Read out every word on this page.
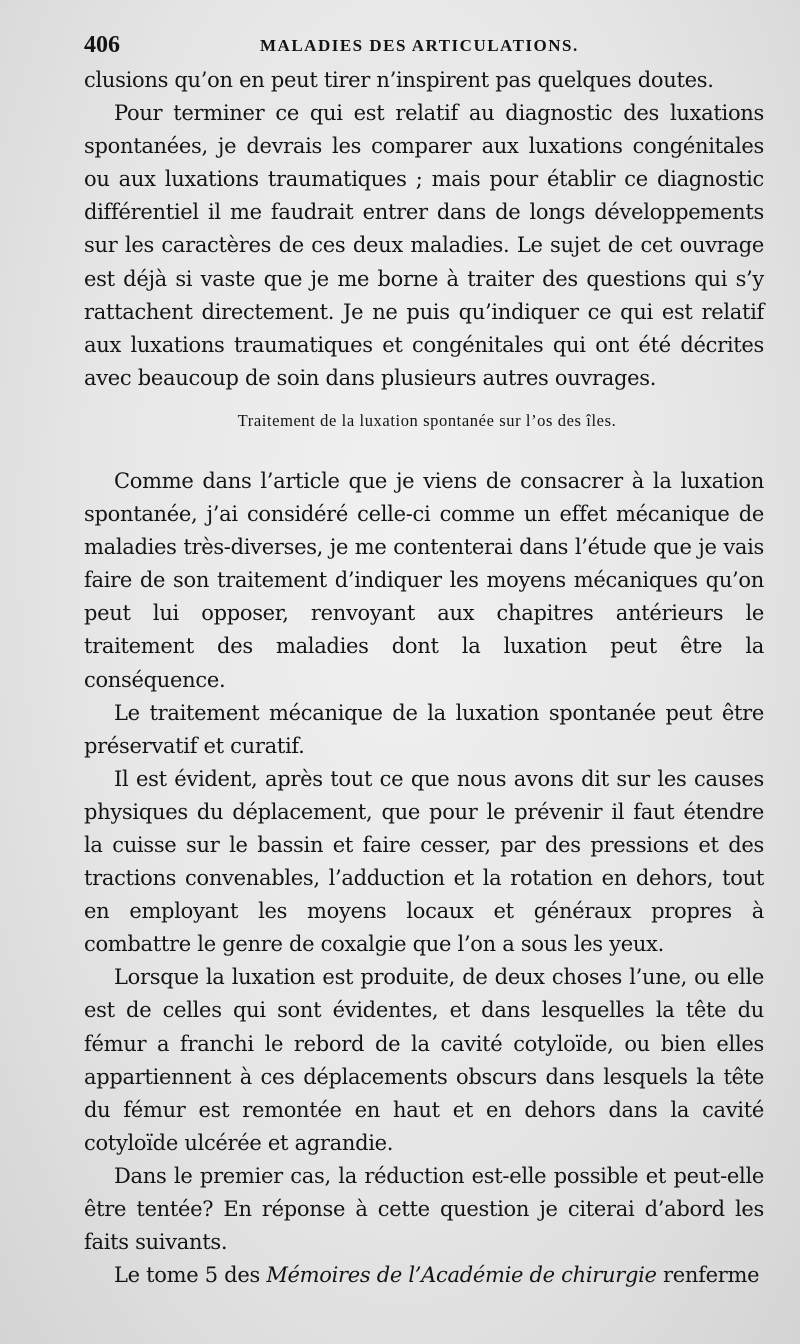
406	MALADIES DES ARTICULATIONS.

clusions qu’on en peut tirer n’inspirent pas quelques doutes.

Pour terminer ce qui est relatif au diagnostic des luxations spontanées, je devrais les comparer aux luxations congénitales ou aux luxations traumatiques ; mais pour établir ce diagnostic différentiel il me faudrait entrer dans de longs développements sur les caractères de ces deux maladies. Le sujet de cet ouvrage est déjà si vaste que je me borne à traiter des questions qui s’y rattachent directement. Je ne puis qu’indiquer ce qui est relatif aux luxations traumatiques et congénitales qui ont été décrites avec beaucoup de soin dans plusieurs autres ouvrages.

Traitement de la luxation spontanée sur l’os des îles.

Comme dans l’article que je viens de consacrer à la luxation spontanée, j’ai considéré celle-ci comme un effet mécanique de maladies très-diverses, je me contenterai dans l’étude que je vais faire de son traitement d’indiquer les moyens mécaniques qu’on peut lui opposer, renvoyant aux chapitres antérieurs le traitement des maladies dont la luxation peut être la conséquence.

Le traitement mécanique de la luxation spontanée peut être préservatif et curatif.

Il est évident, après tout ce que nous avons dit sur les causes physiques du déplacement, que pour le prévenir il faut étendre la cuisse sur le bassin et faire cesser, par des pressions et des tractions convenables, l’adduction et la rotation en dehors, tout en employant les moyens locaux et généraux propres à combattre le genre de coxalgie que l’on a sous les yeux.

Lorsque la luxation est produite, de deux choses l’une, ou elle est de celles qui sont évidentes, et dans lesquelles la tête du fémur a franchi le rebord de la cavité cotyloïde, ou bien elles appartiennent à ces déplacements obscurs dans lesquels la tête du fémur est remontée en haut et en dehors dans la cavité cotyloïde ulcérée et agrandie.

Dans le premier cas, la réduction est-elle possible et peut-elle être tentée? En réponse à cette question je citerai d’abord les faits suivants.

Le tome 5 des Mémoires de l’Académie de chirurgie renferme
